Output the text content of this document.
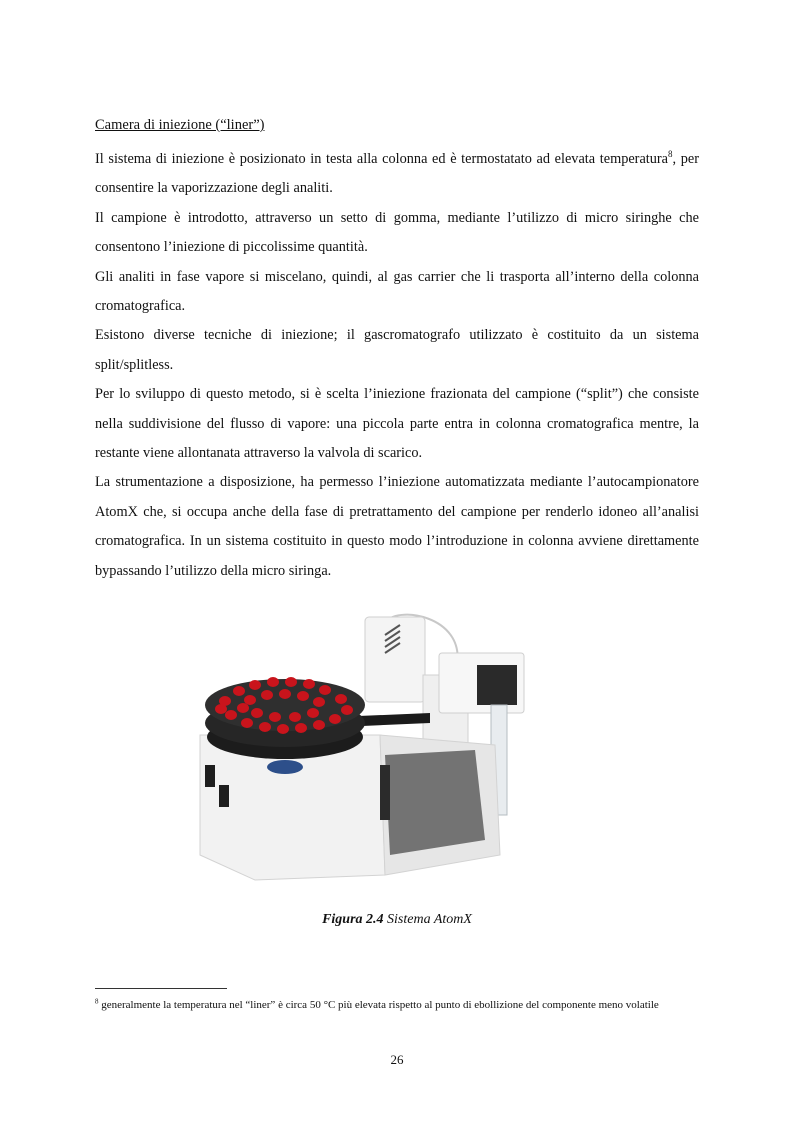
Camera di iniezione (“liner”)

Il sistema di iniezione è posizionato in testa alla colonna ed è termostatato ad elevata temperatura$^8$, per consentire la vaporizzazione degli analiti.

Il campione è introdotto, attraverso un setto di gomma, mediante l’utilizzo di micro siringhe che consentono l’iniezione di piccolissime quantità.

Gli analiti in fase vapore si miscelano, quindi, al gas carrier che li trasporta all’interno della colonna cromatografica.

Esistono diverse tecniche di iniezione; il gascromatografo utilizzato è costituito da un sistema split/splitless.

Per lo sviluppo di questo metodo, si è scelta l’iniezione frazionata del campione (“split”) che consiste nella suddivisione del flusso di vapore: una piccola parte entra in colonna cromatografica mentre, la restante viene allontanata attraverso la valvola di scarico.

La strumentazione a disposizione, ha permesso l’iniezione automatizzata mediante l’autocampionatore AtomX che, si occupa anche della fase di pretrattamento del campione per renderlo idoneo all’analisi cromatografica. In un sistema costituito in questo modo l’introduzione in colonna avviene direttamente bypassando l’utilizzo della micro siringa.

Figura 2.4 Sistema AtomX
$^8$ generalmente la temperatura nel “liner” è circa 50 °C più elevata rispetto al punto di ebollizione del componente meno volatile
26
